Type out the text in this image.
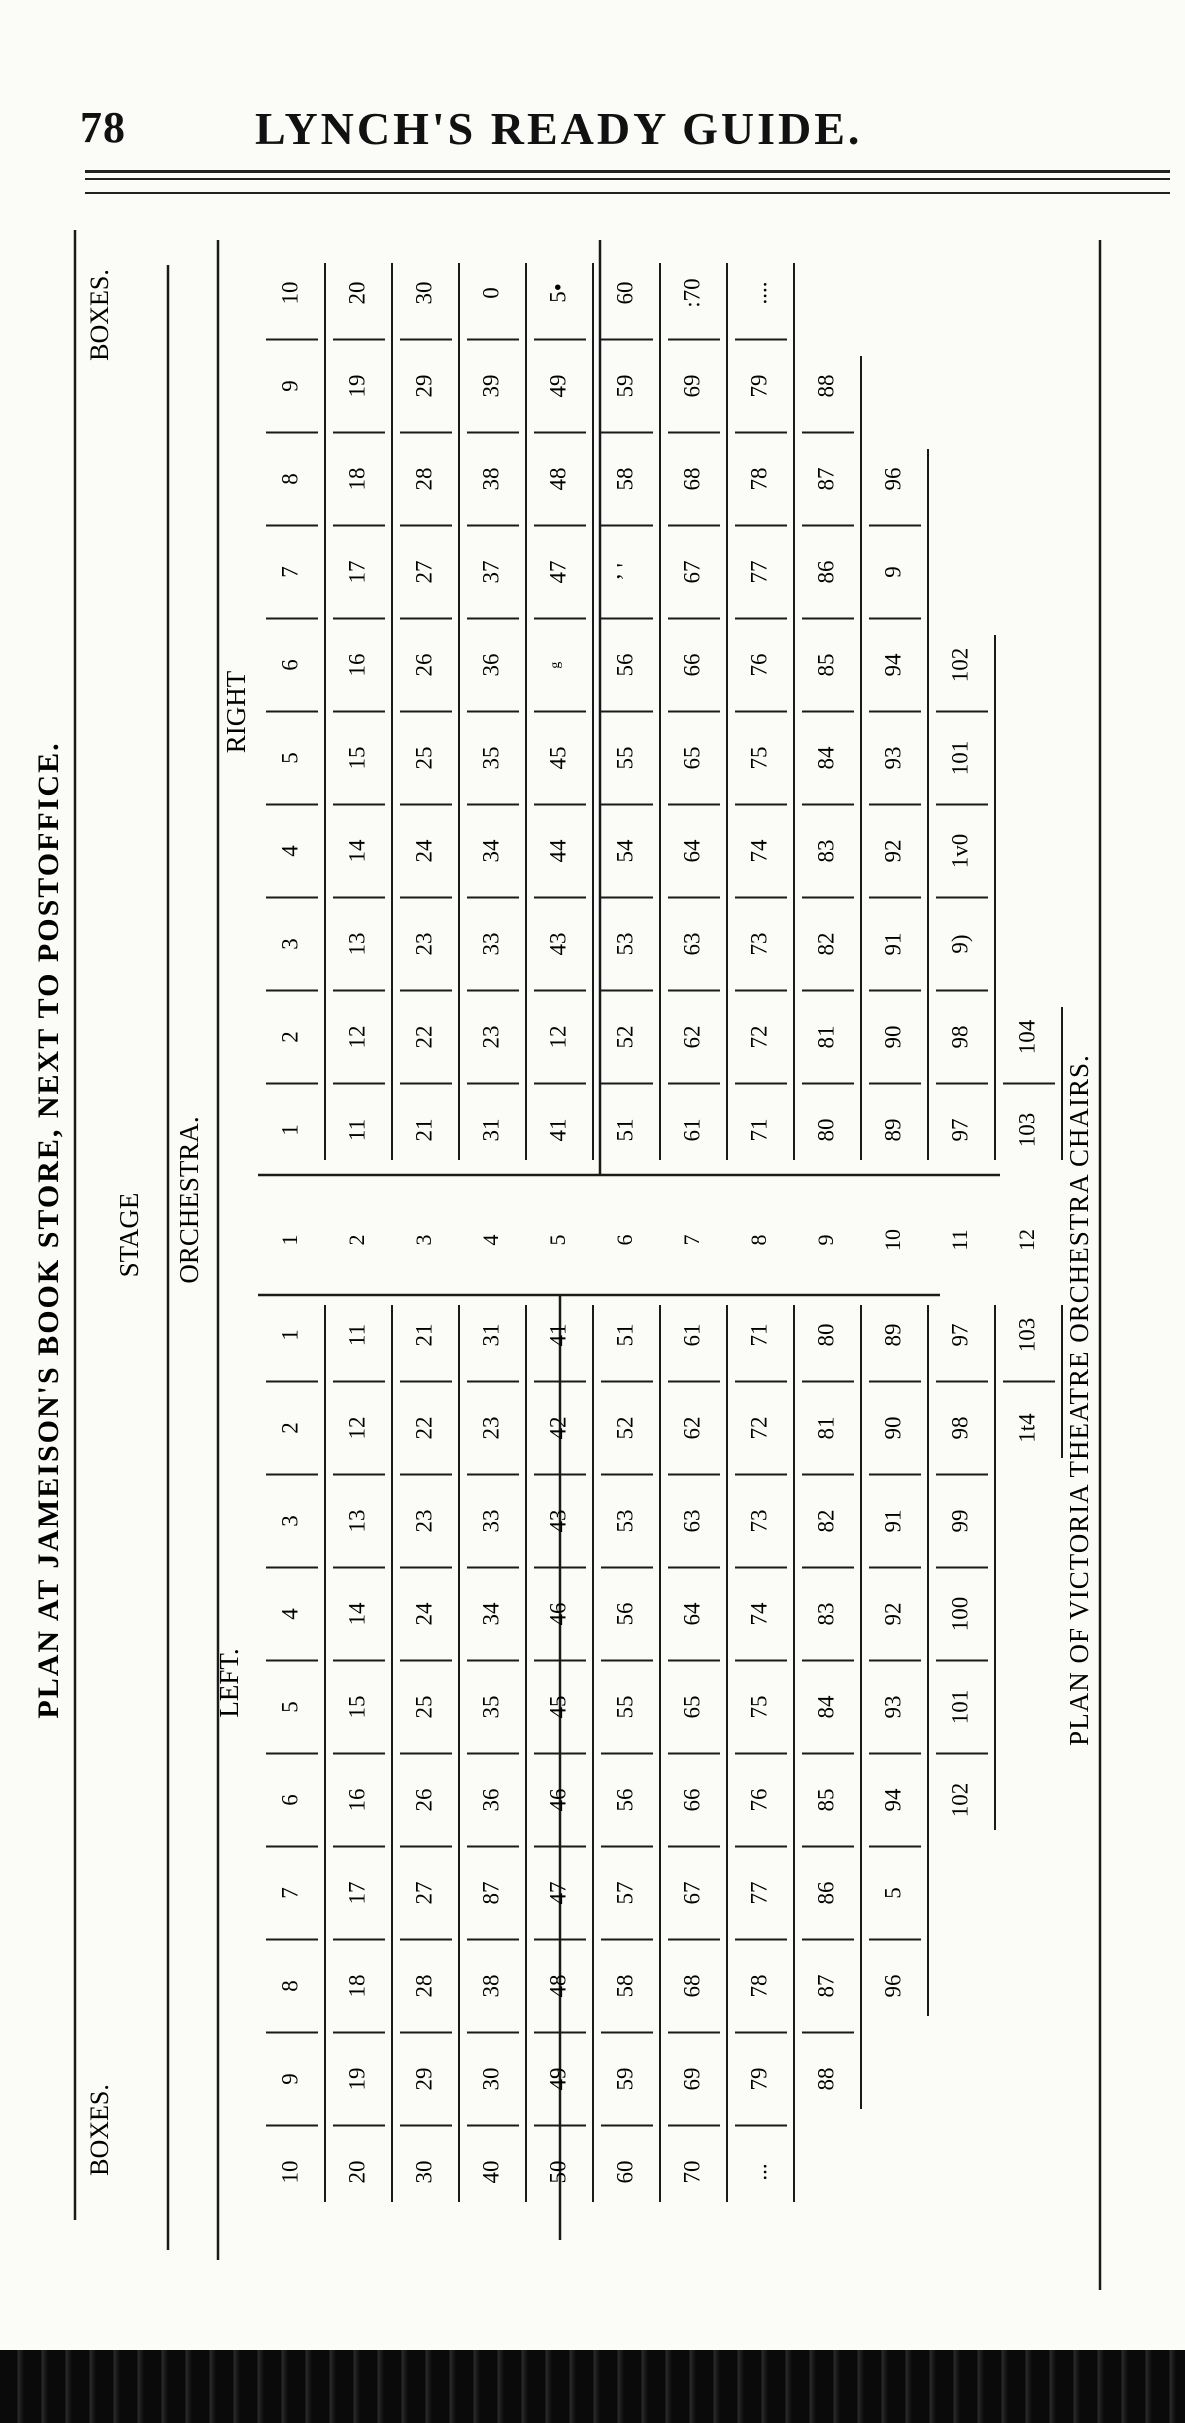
78	LYNCH'S READY GUIDE.
PLAN AT JAMEISON'S BOOK STORE, NEXT TO POSTOFFICE.
BOXES.
BOXES.
STAGE ORCHESTRA.
RIGHT
LEFT.	PLAN OF VICTORIA THEATRE ORCHESTRA CHAIRS.
1
2
3
4
5
6
7
8
9
10
11
12
13
14
15
16
17
18
19
20
21
22
23
24
25
26
27
28
29
30
31
23
33
34
35
36
37
38
39
0
41
12
43
44
45
ᵍ
47
48
49
5•
51
52
53
54
55
56
ʼ '
58
59
60
61
62
63
64
65
66
67
68
69
:70
71
72
73
74
75
76
77
78
79
....
80
81
82
83
84
85
86
87
88
89
90
91
92
93
94
9
96
97
98
9)
1v0
101
102
103
104
1
2
3
4
5
6
7
8
9
10
11
12
13
14
15
16
17
18
19
20
21
22
23
24
25
26
27
28
29
30
31
23
33
34
35
36
87
38
30
40
41
42
43
46
45
46
47
48
49
50
51
52
53
56
55
56
57
58
59
60
61
62
63
64
65
66
67
68
69
70
71
72
73
74
75
76
77
78
79
...
80
81
82
83
84
85
86
87
88
89
90
91
92
93
94
5
96
97
98
99
100
101
102
103
1t4
1 2 3 4 5 6 7 8 9 10 11 12
